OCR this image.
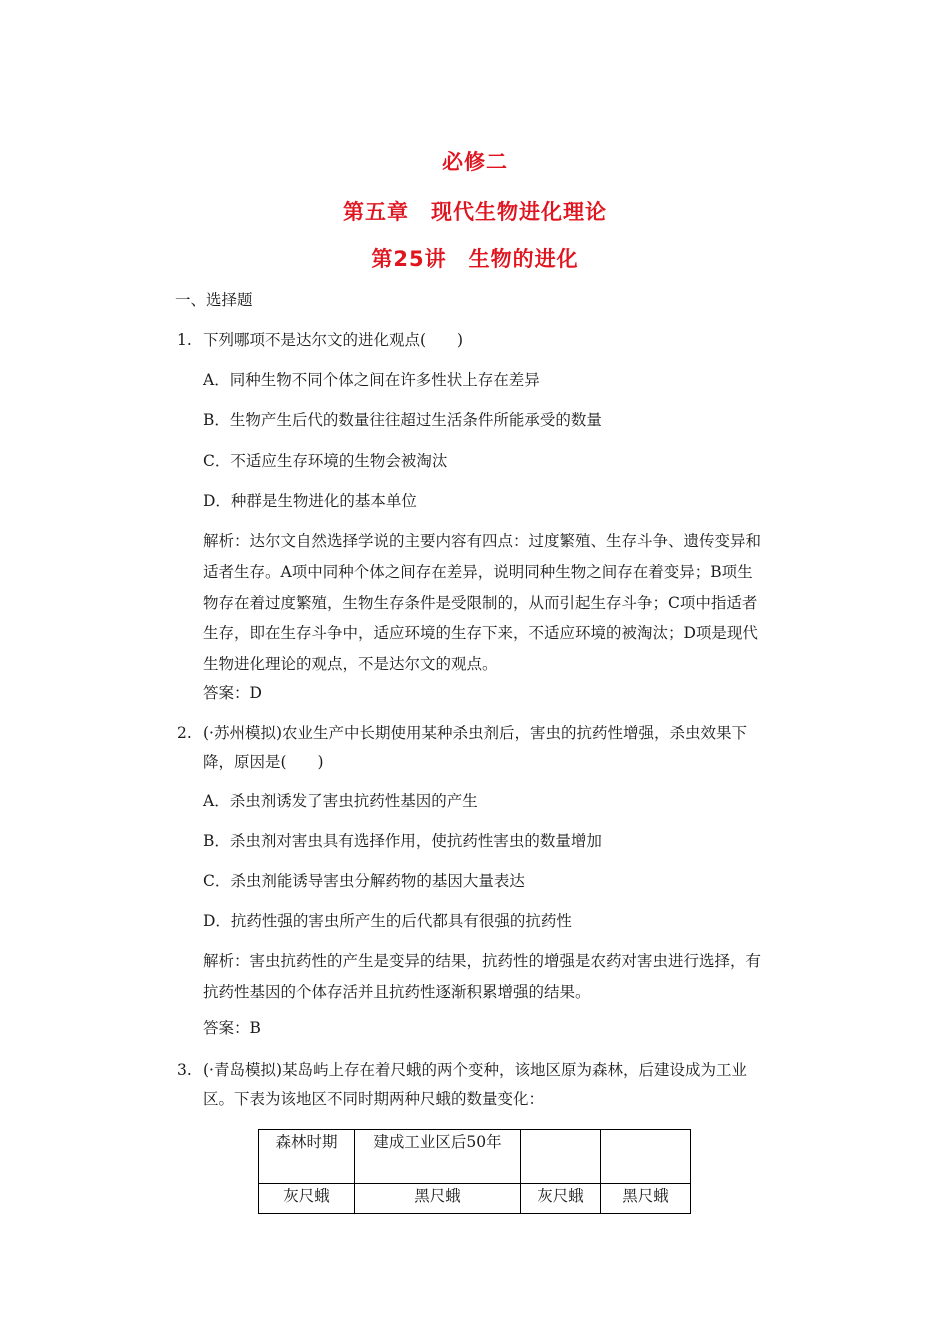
必修二
第五章　现代生物进化理论
第25讲　生物的进化
一、选择题
1. 下列哪项不是达尔文的进化观点(　　)
A．同种生物不同个体之间在许多性状上存在差异
B．生物产生后代的数量往往超过生活条件所能承受的数量
C．不适应生存环境的生物会被淘汰
D．种群是生物进化的基本单位
解析：达尔文自然选择学说的主要内容有四点：过度繁殖、生存斗争、遗传变异和
适者生存。A项中同种个体之间存在差异，说明同种生物之间存在着变异；B项生
物存在着过度繁殖，生物生存条件是受限制的，从而引起生存斗争；C项中指适者
生存，即在生存斗争中，适应环境的生存下来，不适应环境的被淘汰；D项是现代
生物进化理论的观点，不是达尔文的观点。
答案：D
2. (·苏州模拟)农业生产中长期使用某种杀虫剂后，害虫的抗药性增强，杀虫效果下
降，原因是(　　)
A．杀虫剂诱发了害虫抗药性基因的产生
B．杀虫剂对害虫具有选择作用，使抗药性害虫的数量增加
C．杀虫剂能诱导害虫分解药物的基因大量表达
D．抗药性强的害虫所产生的后代都具有很强的抗药性
解析：害虫抗药性的产生是变异的结果，抗药性的增强是农药对害虫进行选择，有
抗药性基因的个体存活并且抗药性逐渐积累增强的结果。
答案：B
3. (·青岛模拟)某岛屿上存在着尺蛾的两个变种，该地区原为森林，后建设成为工业
区。下表为该地区不同时期两种尺蛾的数量变化：
森林时期	建成工业区后50年		
灰尺蛾	黑尺蛾	灰尺蛾	黑尺蛾
